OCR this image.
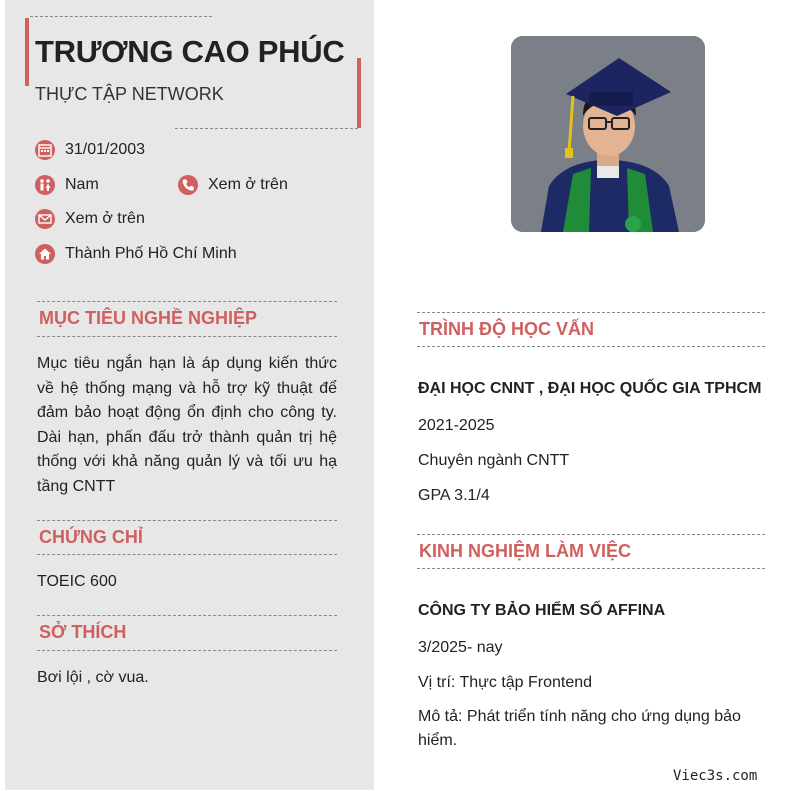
TRƯƠNG CAO PHÚC
THỰC TẬP NETWORK
31/01/2003
Nam	Xem ở trên
Xem ở trên
Thành Phố Hồ Chí Minh
MỤC TIÊU NGHỀ NGHIỆP
Mục tiêu ngắn hạn là áp dụng kiến thức về hệ thống mạng và hỗ trợ kỹ thuật để đảm bảo hoạt động ổn định cho công ty. Dài hạn, phấn đấu trở thành quản trị hệ thống với khả năng quản lý và tối ưu hạ tầng CNTT
CHỨNG CHỈ
TOEIC 600
SỞ THÍCH
Bơi lội , cờ vua.
TRÌNH ĐỘ HỌC VẤN
ĐẠI HỌC CNNT , ĐẠI HỌC QUỐC GIA TPHCM
2021-2025
Chuyên ngành CNTT
GPA 3.1/4
KINH NGHIỆM LÀM VIỆC
CÔNG TY BẢO HIỂM SỐ AFFINA
3/2025- nay
Vị trí: Thực tập Frontend
Mô tả: Phát triển tính năng cho ứng dụng bảo hiểm.
Viec3s.com
